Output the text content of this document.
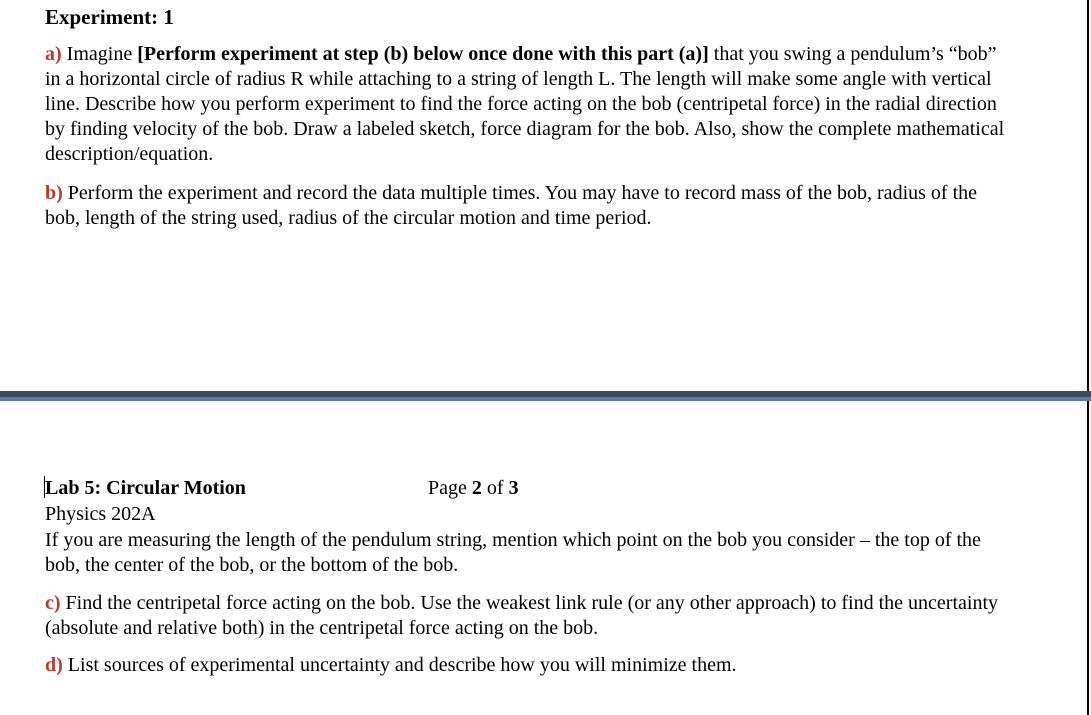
Experiment: 1

a) Imagine [Perform experiment at step (b) below once done with this part (a)] that you swing a pendulum’s “bob” in a horizontal circle of radius R while attaching to a string of length L. The length will make some angle with vertical line. Describe how you perform experiment to find the force acting on the bob (centripetal force) in the radial direction by finding velocity of the bob. Draw a labeled sketch, force diagram for the bob. Also, show the complete mathematical description/equation.

b) Perform the experiment and record the data multiple times. You may have to record mass of the bob, radius of the bob, length of the string used, radius of the circular motion and time period.

Lab 5: Circular Motion	Page 2 of 3

Physics 202A

If you are measuring the length of the pendulum string, mention which point on the bob you consider – the top of the bob, the center of the bob, or the bottom of the bob.

c) Find the centripetal force acting on the bob. Use the weakest link rule (or any other approach) to find the uncertainty (absolute and relative both) in the centripetal force acting on the bob.

d) List sources of experimental uncertainty and describe how you will minimize them.
